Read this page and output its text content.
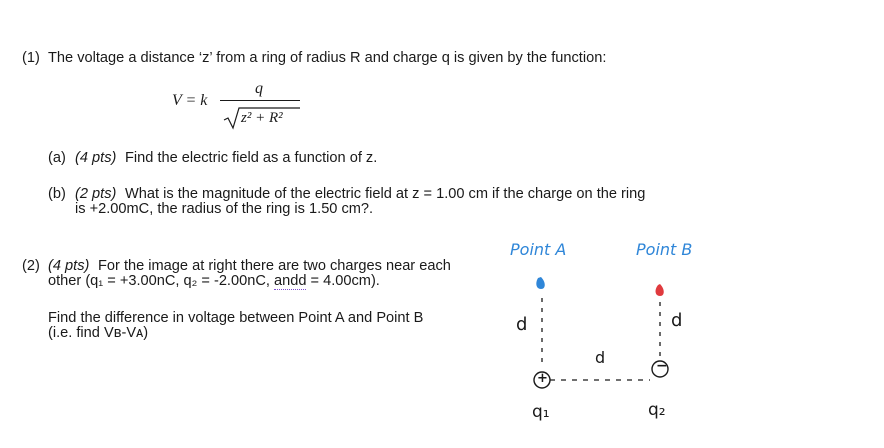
(1) The voltage a distance ‘z’ from a ring of radius R and charge q is given by the function:
V = k
q
z² + R²
(a) (4 pts) Find the electric field as a function of z.
(b) (2 pts) What is the magnitude of the electric field at z = 1.00 cm if the charge on the ring
is +2.00mC, the radius of the ring is 1.50 cm?.
(2) (4 pts) For the image at right there are two charges near each
other (q₁ = +3.00nC, q₂ = -2.00nC, andd = 4.00cm).
Find the difference in voltage between Point A and Point B
(i.e. find Vʙ-Vᴀ)
Point A	Point B
d	d
d
+
−
q₁	q₂
